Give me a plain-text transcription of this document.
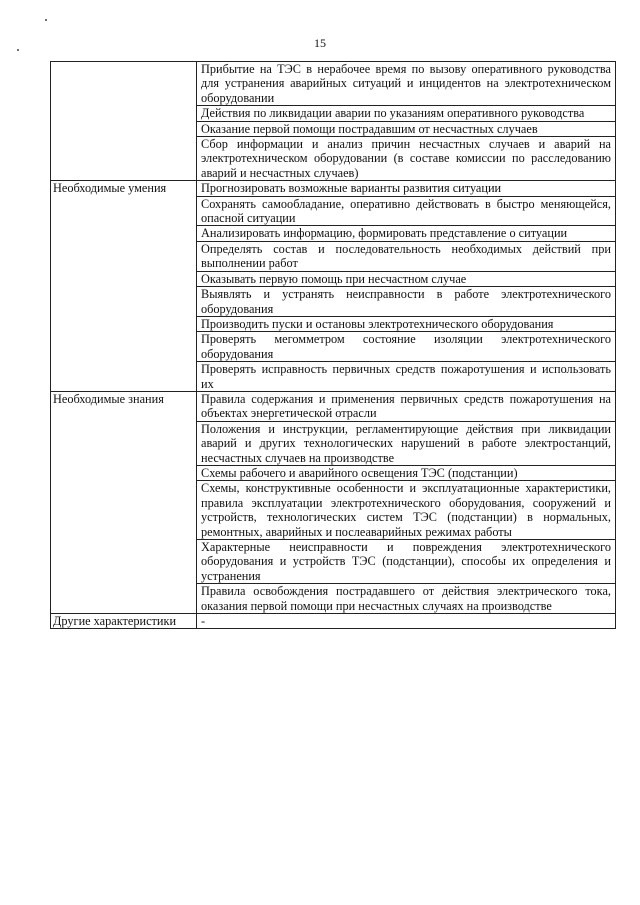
15
	Прибытие на ТЭС в нерабочее время по вызову оперативного руководства для устранения аварийных ситуаций и инцидентов на электротехническом оборудовании
	Действия по ликвидации аварии по указаниям оперативного руководства
	Оказание первой помощи пострадавшим от несчастных случаев
	Сбор информации и анализ причин несчастных случаев и аварий на электротехническом оборудовании (в составе комиссии по расследованию аварий и несчастных случаев)
Необходимые умения	Прогнозировать возможные варианты развития ситуации
	Сохранять самообладание, оперативно действовать в быстро меняющейся, опасной ситуации
	Анализировать информацию, формировать представление о ситуации
	Определять состав и последовательность необходимых действий при выполнении работ
	Оказывать первую помощь при несчастном случае
	Выявлять и устранять неисправности в работе электротехнического оборудования
	Производить пуски и остановы электротехнического оборудования
	Проверять мегомметром состояние изоляции электротехнического оборудования
	Проверять исправность первичных средств пожаротушения и использовать их
Необходимые знания	Правила содержания и применения первичных средств пожаротушения на объектах энергетической отрасли
	Положения и инструкции, регламентирующие действия при ликвидации аварий и других технологических нарушений в работе электростанций, несчастных случаев на производстве
	Схемы рабочего и аварийного освещения ТЭС (подстанции)
	Схемы, конструктивные особенности и эксплуатационные характеристики, правила эксплуатации электротехнического оборудования, сооружений и устройств, технологических систем ТЭС (подстанции) в нормальных, ремонтных, аварийных и послеаварийных режимах работы
	Характерные неисправности и повреждения электротехнического оборудования и устройств ТЭС (подстанции), способы их определения и устранения
	Правила освобождения пострадавшего от действия электрического тока, оказания первой помощи при несчастных случаях на производстве
Другие характеристики	-
